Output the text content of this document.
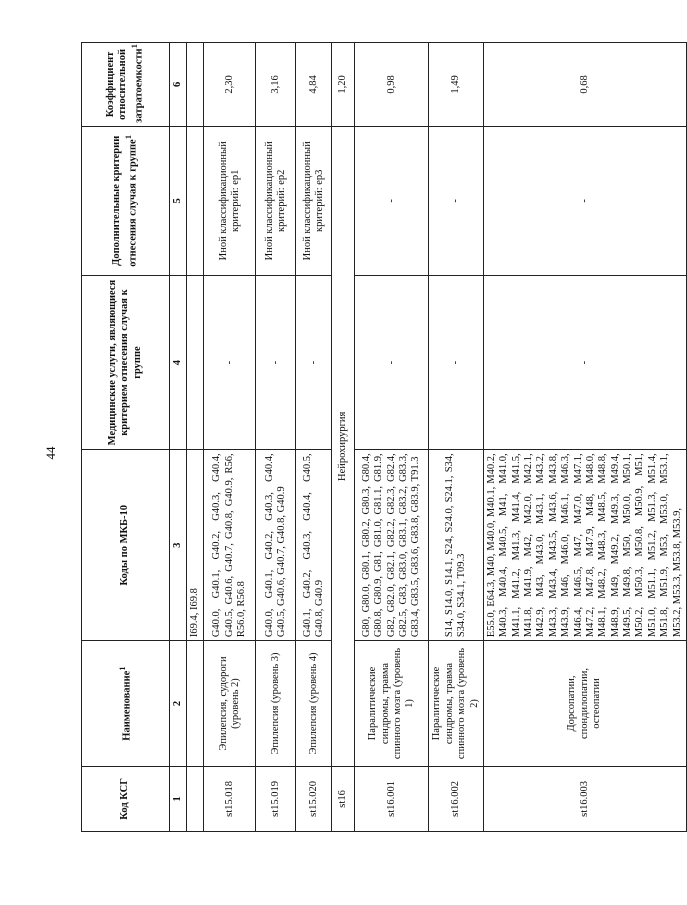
44
Код КСГ	Наименование$^1$	Коды по МКБ-10	Медицинские услуги, являющиеся критерием отнесения случая к группе	Дополнительные критерии отнесения случая к группе$^1$	Коэффициент относительной затратоемкости$^1$
1	2	3	4	5	6
		I69.4, I69.8			
st15.018	Эпилепсия, судороги (уровень 2)	G40.0, G40.1, G40.2, G40.3, G40.4, G40.5, G40.6, G40.7, G40.8, G40.9, R56, R56.0, R56.8	-	Иной классификационный критерий: ep1	2,30
st15.019	Эпилепсия (уровень 3)	G40.0, G40.1, G40.2, G40.3, G40.4, G40.5, G40.6, G40.7, G40.8, G40.9	-	Иной классификационный критерий: ep2	3,16
st15.020	Эпилепсия (уровень 4)	G40.1, G40.2, G40.3, G40.4, G40.5, G40.8, G40.9	-	Иной классификационный критерий: ep3	4,84
st16	Нейрохирургия				1,20
st16.001	Паралитические синдромы, травма спинного мозга (уровень 1)	G80, G80.0, G80.1, G80.2, G80.3, G80.4, G80.8, G80.9, G81, G81.0, G81.1, G81.9, G82, G82.0, G82.1, G82.2, G82.3, G82.4, G82.5, G83, G83.0, G83.1, G83.2, G83.3, G83.4, G83.5, G83.6, G83.8, G83.9, T91.3	-	-	0,98
st16.002	Паралитические синдромы, травма спинного мозга (уровень 2)	S14, S14.0, S14.1, S24, S24.0, S24.1, S34, S34.0, S34.1, T09.3	-	-	1,49
st16.003	Дорсопатии, спондилопатии, остеопатии	E55.0, E64.3, M40, M40.0, M40.1, M40.2, M40.3, M40.4, M40.5, M41, M41.0, M41.1, M41.2, M41.3, M41.4, M41.5, M41.8, M41.9, M42, M42.0, M42.1, M42.9, M43, M43.0, M43.1, M43.2, M43.3, M43.4, M43.5, M43.6, M43.8, M43.9, M46, M46.0, M46.1, M46.3, M46.4, M46.5, M47, M47.0, M47.1, M47.2, M47.8, M47.9, M48, M48.0, M48.1, M48.2, M48.3, M48.5, M48.8, M48.9, M49, M49.2, M49.3, M49.4, M49.5, M49.8, M50, M50.0, M50.1, M50.2, M50.3, M50.8, M50.9, M51, M51.0, M51.1, M51.2, M51.3, M51.4, M51.8, M51.9, M53, M53.0, M53.1, M53.2, M53.3, M53.8, M53.9,	-	-	0,68
